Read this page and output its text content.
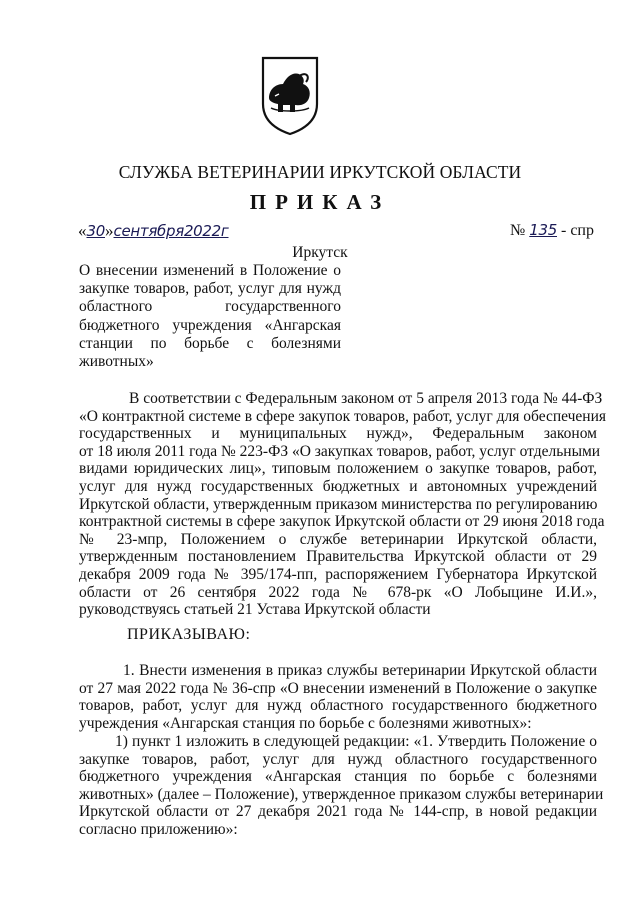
СЛУЖБА ВЕТЕРИНАРИИ ИРКУТСКОЙ ОБЛАСТИ
ПРИКАЗ
«30»сентября2022г	№ 135 - спр
Иркутск
О внесении изменений в Положение о
закупке товаров, работ, услуг для нужд
областного государственного
бюджетного учреждения «Ангарская
станции по борьбе с болезнями
животных»
В соответствии с Федеральным законом от 5 апреля 2013 года № 44-ФЗ
«О контрактной системе в сфере закупок товаров, работ, услуг для обеспечения
государственных и муниципальных нужд», Федеральным законом
от 18 июля 2011 года № 223-ФЗ «О закупках товаров, работ, услуг отдельными
видами юридических лиц», типовым положением о закупке товаров, работ,
услуг для нужд государственных бюджетных и автономных учреждений
Иркутской области, утвержденным приказом министерства по регулированию
контрактной системы в сфере закупок Иркутской области от 29 июня 2018 года
№ 23-мпр, Положением о службе ветеринарии Иркутской области,
утвержденным постановлением Правительства Иркутской области от 29
декабря 2009 года № 395/174-пп, распоряжением Губернатора Иркутской
области от 26 сентября 2022 года № 678-рк «О Лобыцине И.И.»,
руководствуясь статьей 21 Устава Иркутской области
ПРИКАЗЫВАЮ:
1. Внести изменения в приказ службы ветеринарии Иркутской области
от 27 мая 2022 года № 36-спр «О внесении изменений в Положение о закупке
товаров, работ, услуг для нужд областного государственного бюджетного
учреждения «Ангарская станция по борьбе с болезнями животных»:
1) пункт 1 изложить в следующей редакции: «1. Утвердить Положение о
закупке товаров, работ, услуг для нужд областного государственного
бюджетного учреждения «Ангарская станция по борьбе с болезнями
животных» (далее – Положение), утвержденное приказом службы ветеринарии
Иркутской области от 27 декабря 2021 года № 144-спр, в новой редакции
согласно приложению»:
